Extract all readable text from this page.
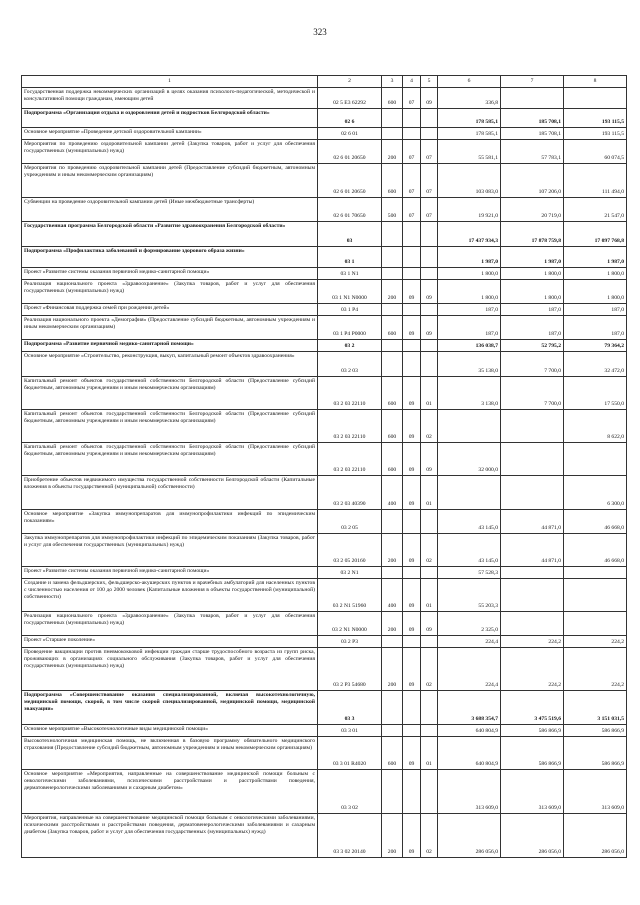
323
1	2	3	4	5	6	7	8
Государственная поддержка некоммерческих организаций в целях оказания психолого-педагогической, методической и консультативной помощи гражданам, имеющим детей	02 5 Е3 62292	600	07	09	336,8		
Подпрограмма «Организация отдыха и оздоровления детей и подростков Белгородской области»	02 6				178 585,1	185 708,1	193 115,5
Основное мероприятие «Проведение детской оздоровительной кампании»	02 6 01				178 585,1	185 708,1	193 115,5
Мероприятия по проведению оздоровительной кампании детей (Закупка товаров, работ и услуг для обеспечения государственных (муниципальных) нужд)	02 6 01 20650	200	07	07	55 581,1	57 783,1	60 074,5
Мероприятия по проведению оздоровительной кампании детей (Предоставление субсидий бюджетным, автономным учреждениям и иным некоммерческим организациям)	02 6 01 20650	600	07	07	103 083,0	107 206,0	111 494,0
Субвенции на проведение оздоровительной кампании детей (Иные межбюджетные трансферты)	02 6 01 70650	500	07	07	19 921,0	20 719,0	21 547,0
Государственная программа Белгородской области «Развитие здравоохранения Белгородской области»	03				17 437 934,3	17 878 759,8	17 097 768,8
Подпрограмма «Профилактика заболеваний и формирование здорового образа жизни»	03 1				1 987,0	1 987,0	1 987,0
Проект «Развитие системы оказания первичной медико-санитарной помощи»	03 1 N1				1 800,0	1 800,0	1 800,0
Реализация национального проекта «Здравоохранение» (Закупка товаров, работ и услуг для обеспечения государственных (муниципальных) нужд)	03 1 N1 N0000	200	09	09	1 800,0	1 800,0	1 800,0
Проект «Финансовая поддержка семей при рождении детей»	03 1 P4				187,0	187,0	187,0
Реализация национального проекта «Демография» (Предоставление субсидий бюджетным, автономным учреждениям и иным некоммерческим организациям)	03 1 P4 P0000	600	09	09	187,0	187,0	187,0
Подпрограмма «Развитие первичной медико-санитарной помощи»	03 2				136 038,7	52 795,2	79 364,2
Основное мероприятие «Строительство, реконструкция, выкуп, капитальный ремонт объектов здравоохранения»	03 2 03				35 138,0	7 700,0	32 472,0
Капитальный ремонт объектов государственной собственности Белгородской области (Предоставление субсидий бюджетным, автономным учреждениям и иным некоммерческим организациям)	03 2 03 22110	600	09	01	3 138,0	7 700,0	17 550,0
Капитальный ремонт объектов государственной собственности Белгородской области (Предоставление субсидий бюджетным, автономным учреждениям и иным некоммерческим организациям)	03 2 03 22110	600	09	02			8 622,0
Капитальный ремонт объектов государственной собственности Белгородской области (Предоставление субсидий бюджетным, автономным учреждениям и иным некоммерческим организациям)	03 2 03 22110	600	09	09	32 000,0		
Приобретение объектов недвижимого имущества государственной собственности Белгородской области (Капитальные вложения в объекты государственной (муниципальной) собственности)	03 2 03 40390	400	09	01			6 300,0
Основное мероприятие «Закупка иммунопрепаратов для иммунопрофилактики инфекций по эпидемическим показаниям»	03 2 05				43 145,0	44 871,0	46 668,0
Закупка иммунопрепаратов для иммунопрофилактики инфекций по эпидемическим показаниям (Закупка товаров, работ и услуг для обеспечения государственных (муниципальных) нужд)	03 2 05 20160	200	09	02	43 145,0	44 871,0	46 668,0
Проект «Развитие системы оказания первичной медико-санитарной помощи»	03 2 N1				57 528,3		
Создание и замена фельдшерских, фельдшерско-акушерских пунктов и врачебных амбулаторий для населенных пунктов с численностью населения от 100 до 2000 человек (Капитальные вложения в объекты государственной (муниципальной) собственности)	03 2 N1 51960	400	09	01	55 203,3		
Реализация национального проекта «Здравоохранение» (Закупка товаров, работ и услуг для обеспечения государственных (муниципальных) нужд)	03 2 N1 N0000	200	09	09	2 325,0		
Проект «Старшее поколение»	03 2 P3				224,4	224,2	224,2
Проведение вакцинации против пневмококковой инфекции граждан старше трудоспособного возраста из групп риска, проживающих в организациях социального обслуживания (Закупка товаров, работ и услуг для обеспечения государственных (муниципальных) нужд)	03 2 P3 54680	200	09	02	224,4	224,2	224,2
Подпрограмма «Совершенствование оказания специализированной, включая высокотехнологичную, медицинской помощи, скорой, в том числе скорой специализированной, медицинской помощи, медицинской эвакуации»	03 3				3 688 354,7	3 475 519,6	3 151 031,5
Основное мероприятие «Высокотехнологичные виды медицинской помощи»	03 3 01				640 804,9	586 866,9	586 866,9
Высокотехнологичная медицинская помощь, не включенная в базовую программу обязательного медицинского страхования (Предоставление субсидий бюджетным, автономным учреждениям и иным некоммерческим организациям)	03 3 01 R4020	600	09	01	640 804,9	586 866,9	586 866,9
Основное мероприятие «Мероприятия, направленные на совершенствование медицинской помощи больным с онкологическими заболеваниями, психическими расстройствами и расстройствами поведения, дерматовенерологическими заболеваниями и сахарным диабетом»	03 3 02				313 609,0	313 609,0	313 609,0
Мероприятия, направленные на совершенствование медицинской помощи больным с онкологическими заболеваниями, психическими расстройствами и расстройствами поведения, дерматовенерологическими заболеваниями и сахарным диабетом (Закупка товаров, работ и услуг для обеспечения государственных (муниципальных) нужд)	03 3 02 20140	200	09	02	286 056,0	286 056,0	286 056,0
